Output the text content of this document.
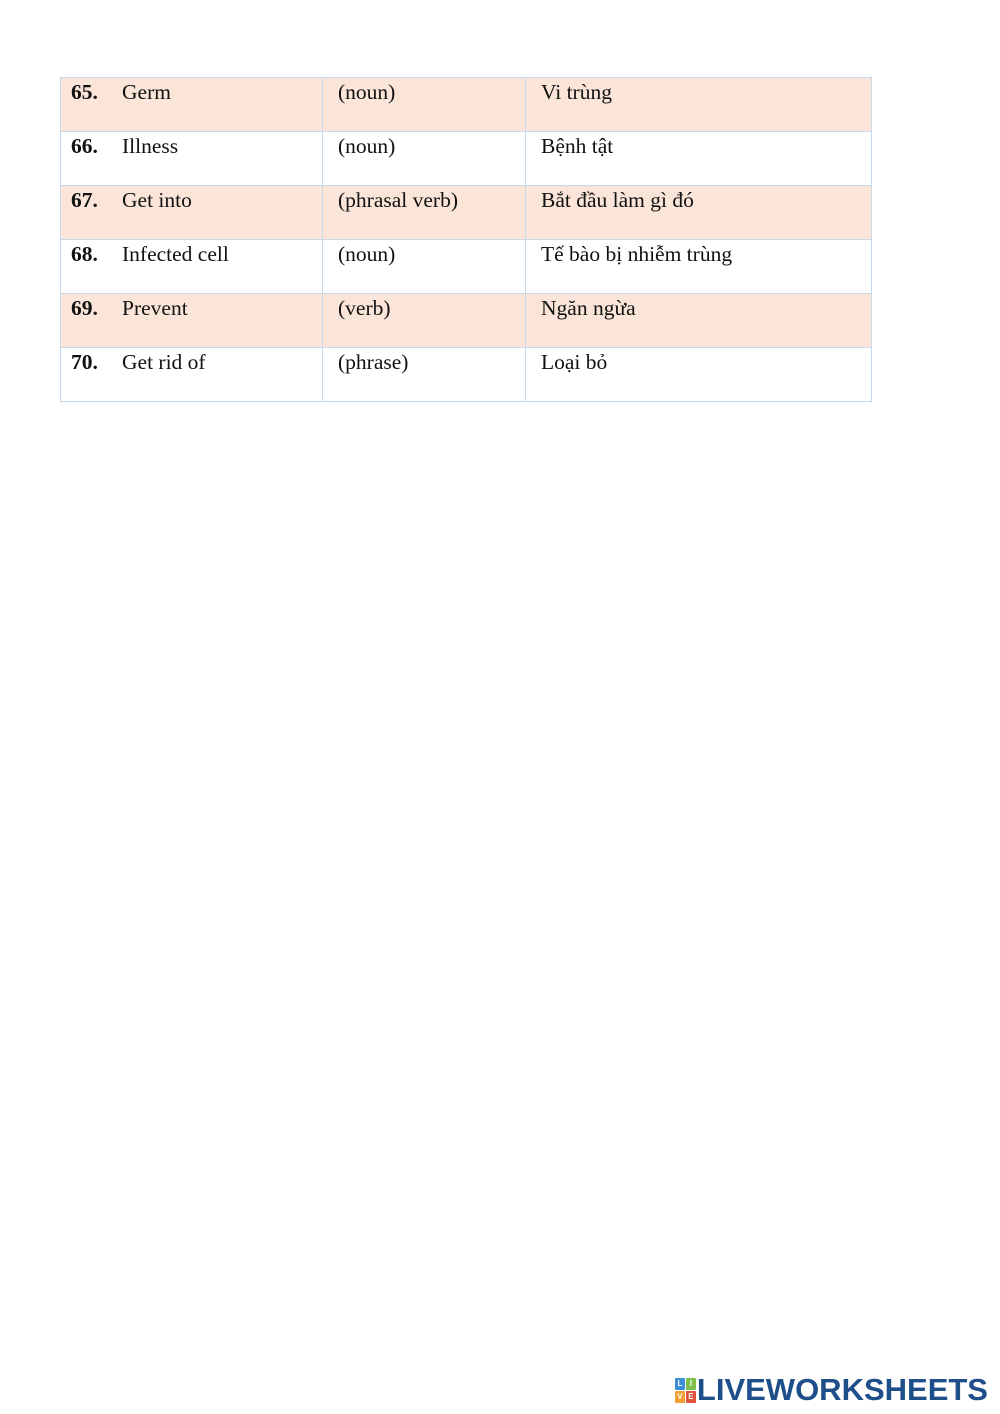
65. Germ	(noun)	Vi trùng

66. Illness	(noun)	Bệnh tật

67. Get into	(phrasal verb)	Bắt đầu làm gì đó

68. Infected cell	(noun)	Tế bào bị nhiễm trùng

69. Prevent	(verb)	Ngăn ngừa

70. Get rid of	(phrase)	Loại bỏ
L I
V E LIVEWORKSHEETS
